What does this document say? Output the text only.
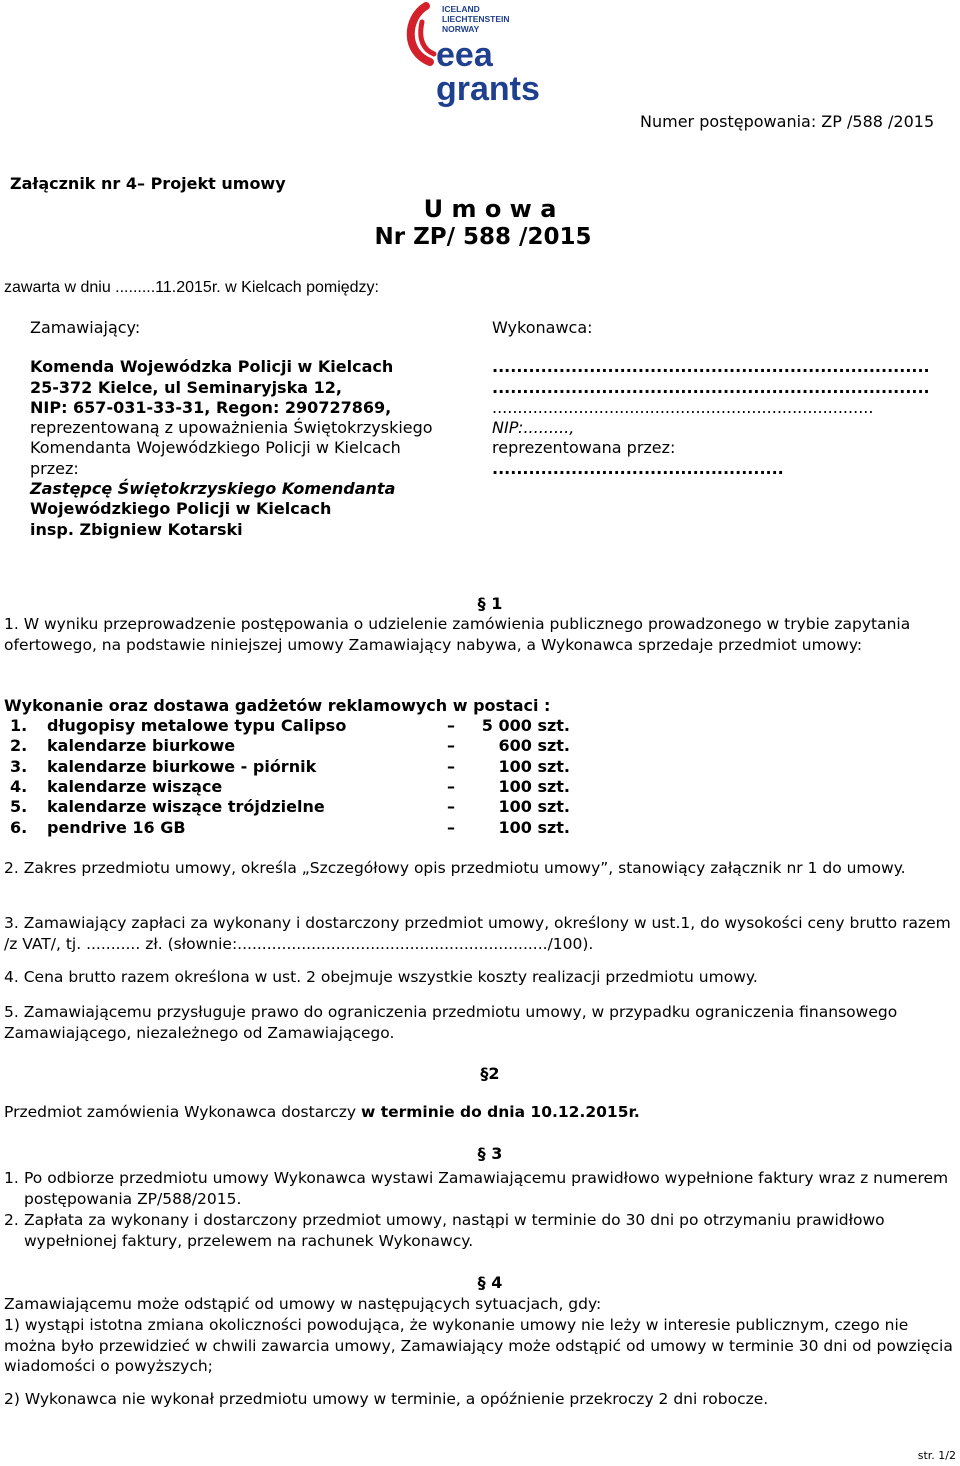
ICELAND
LIECHTENSTEIN
NORWAY
eea
grants
Numer postępowania: ZP /588 /2015
Załącznik nr 4– Projekt umowy
U m o w a
Nr ZP/ 588 /2015
zawarta w dniu .........11.2015r. w Kielcach pomiędzy:
Zamawiający:
Komenda Wojewódzka Policji w Kielcach
25-372 Kielce, ul Seminaryjska 12,
NIP: 657-031-33-31, Regon: 290727869,
reprezentowaną z upoważnienia Świętokrzyskiego
Komendanta Wojewódzkiego Policji w Kielcach
przez:
Zastępcę Świętokrzyskiego Komendanta
Wojewódzkiego Policji w Kielcach
insp. Zbigniew Kotarski
Wykonawca:
........................................................................
........................................................................
...........................................................................
NIP:.........,
reprezentowana przez:
................................................
§ 1
1. W wyniku przeprowadzenie postępowania o udzielenie zamówienia publicznego prowadzonego w trybie zapytania ofertowego, na podstawie niniejszej umowy Zamawiający nabywa, a Wykonawca sprzedaje przedmiot umowy:
Wykonanie oraz dostawa gadżetów reklamowych w postaci :
1. długopisy metalowe typu Calipso	– 5 000 szt.
2. kalendarze biurkowe	–	600 szt.
3. kalendarze biurkowe - piórnik	–	100 szt.
4. kalendarze wiszące	–	100 szt.
5. kalendarze wiszące trójdzielne	–	100 szt.
6. pendrive 16 GB	–	100 szt.
2. Zakres przedmiotu umowy, określa „Szczegółowy opis przedmiotu umowy”, stanowiący załącznik nr 1 do umowy.
3. Zamawiający zapłaci za wykonany i dostarczony przedmiot umowy, określony w ust.1, do wysokości ceny brutto razem /z VAT/, tj. ........... zł. (słownie:.............................................................../100).
4. Cena brutto razem określona w ust. 2 obejmuje wszystkie koszty realizacji przedmiotu umowy.
5. Zamawiającemu przysługuje prawo do ograniczenia przedmiotu umowy, w przypadku ograniczenia finansowego Zamawiającego, niezależnego od Zamawiającego.
§2
Przedmiot zamówienia Wykonawca dostarczy w terminie do dnia 10.12.2015r.
§ 3
1. Po odbiorze przedmiotu umowy Wykonawca wystawi Zamawiającemu prawidłowo wypełnione faktury wraz z numerem postępowania ZP/588/2015.
2. Zapłata za wykonany i dostarczony przedmiot umowy, nastąpi w terminie do 30 dni po otrzymaniu prawidłowo wypełnionej faktury, przelewem na rachunek Wykonawcy.
§ 4
Zamawiającemu może odstąpić od umowy w następujących sytuacjach, gdy:
1) wystąpi istotna zmiana okoliczności powodująca, że wykonanie umowy nie leży w interesie publicznym, czego nie można było przewidzieć w chwili zawarcia umowy, Zamawiający może odstąpić od umowy w terminie 30 dni od powzięcia wiadomości o powyższych;
2) Wykonawca nie wykonał przedmiotu umowy w terminie, a opóźnienie przekroczy 2 dni robocze.
str. 1/2
